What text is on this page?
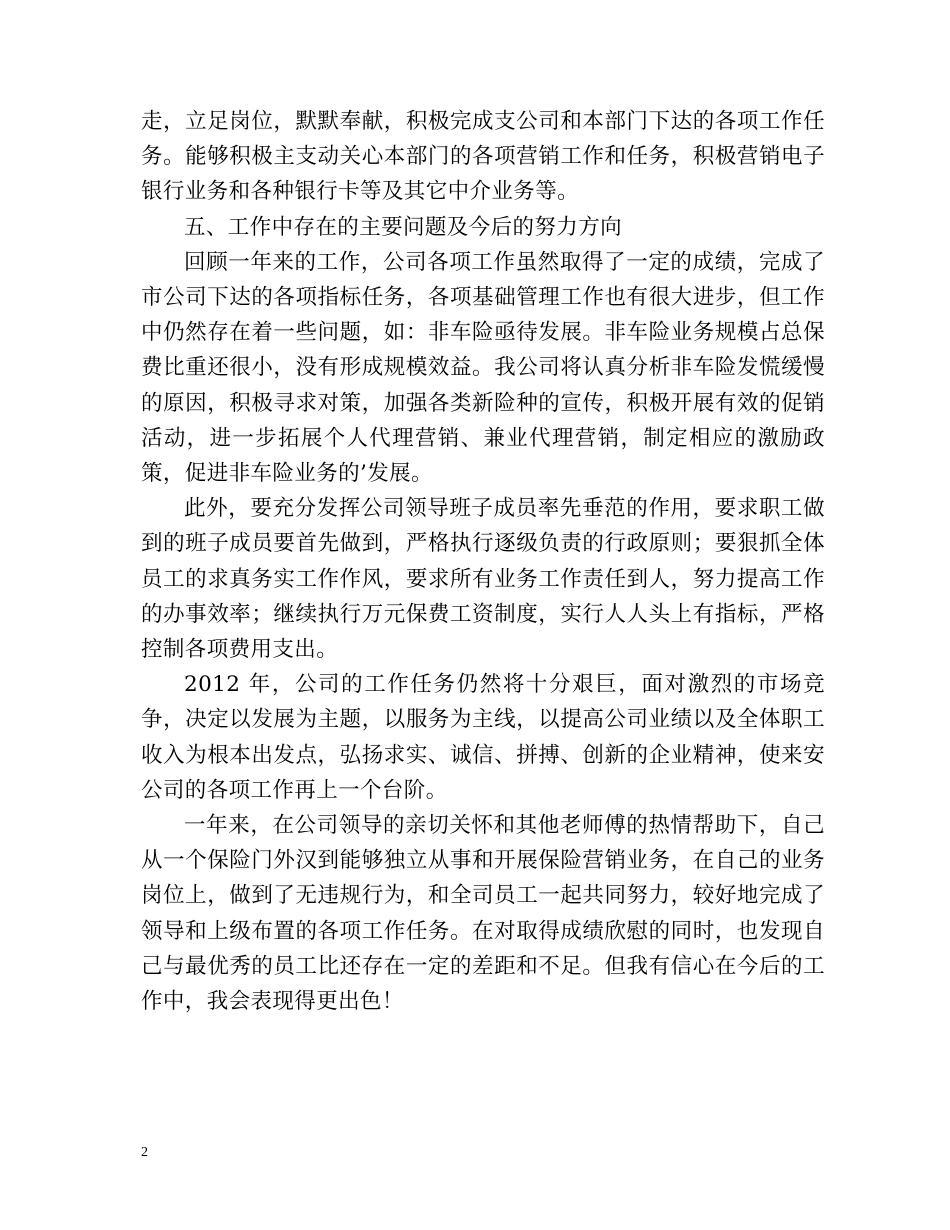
走，立足岗位，默默奉献，积极完成支公司和本部门下达的各项工作任务。能够积极主支动关心本部门的各项营销工作和任务，积极营销电子银行业务和各种银行卡等及其它中介业务等。

五、工作中存在的主要问题及今后的努力方向

回顾一年来的工作，公司各项工作虽然取得了一定的成绩，完成了市公司下达的各项指标任务，各项基础管理工作也有很大进步，但工作中仍然存在着一些问题，如：非车险亟待发展。非车险业务规模占总保费比重还很小，没有形成规模效益。我公司将认真分析非车险发慌缓慢的原因，积极寻求对策，加强各类新险种的宣传，积极开展有效的促销活动，进一步拓展个人代理营销、兼业代理营销，制定相应的激励政策，促进非车险业务的’发展。

此外，要充分发挥公司领导班子成员率先垂范的作用，要求职工做到的班子成员要首先做到，严格执行逐级负责的行政原则；要狠抓全体员工的求真务实工作作风，要求所有业务工作责任到人，努力提高工作的办事效率；继续执行万元保费工资制度，实行人人头上有指标，严格控制各项费用支出。

2012 年，公司的工作任务仍然将十分艰巨，面对激烈的市场竞争，决定以发展为主题，以服务为主线，以提高公司业绩以及全体职工收入为根本出发点，弘扬求实、诚信、拼搏、创新的企业精神，使来安公司的各项工作再上一个台阶。

一年来，在公司领导的亲切关怀和其他老师傅的热情帮助下，自己从一个保险门外汉到能够独立从事和开展保险营销业务，在自己的业务岗位上，做到了无违规行为，和全司员工一起共同努力，较好地完成了领导和上级布置的各项工作任务。在对取得成绩欣慰的同时，也发现自己与最优秀的员工比还存在一定的差距和不足。但我有信心在今后的工作中，我会表现得更出色！

2
